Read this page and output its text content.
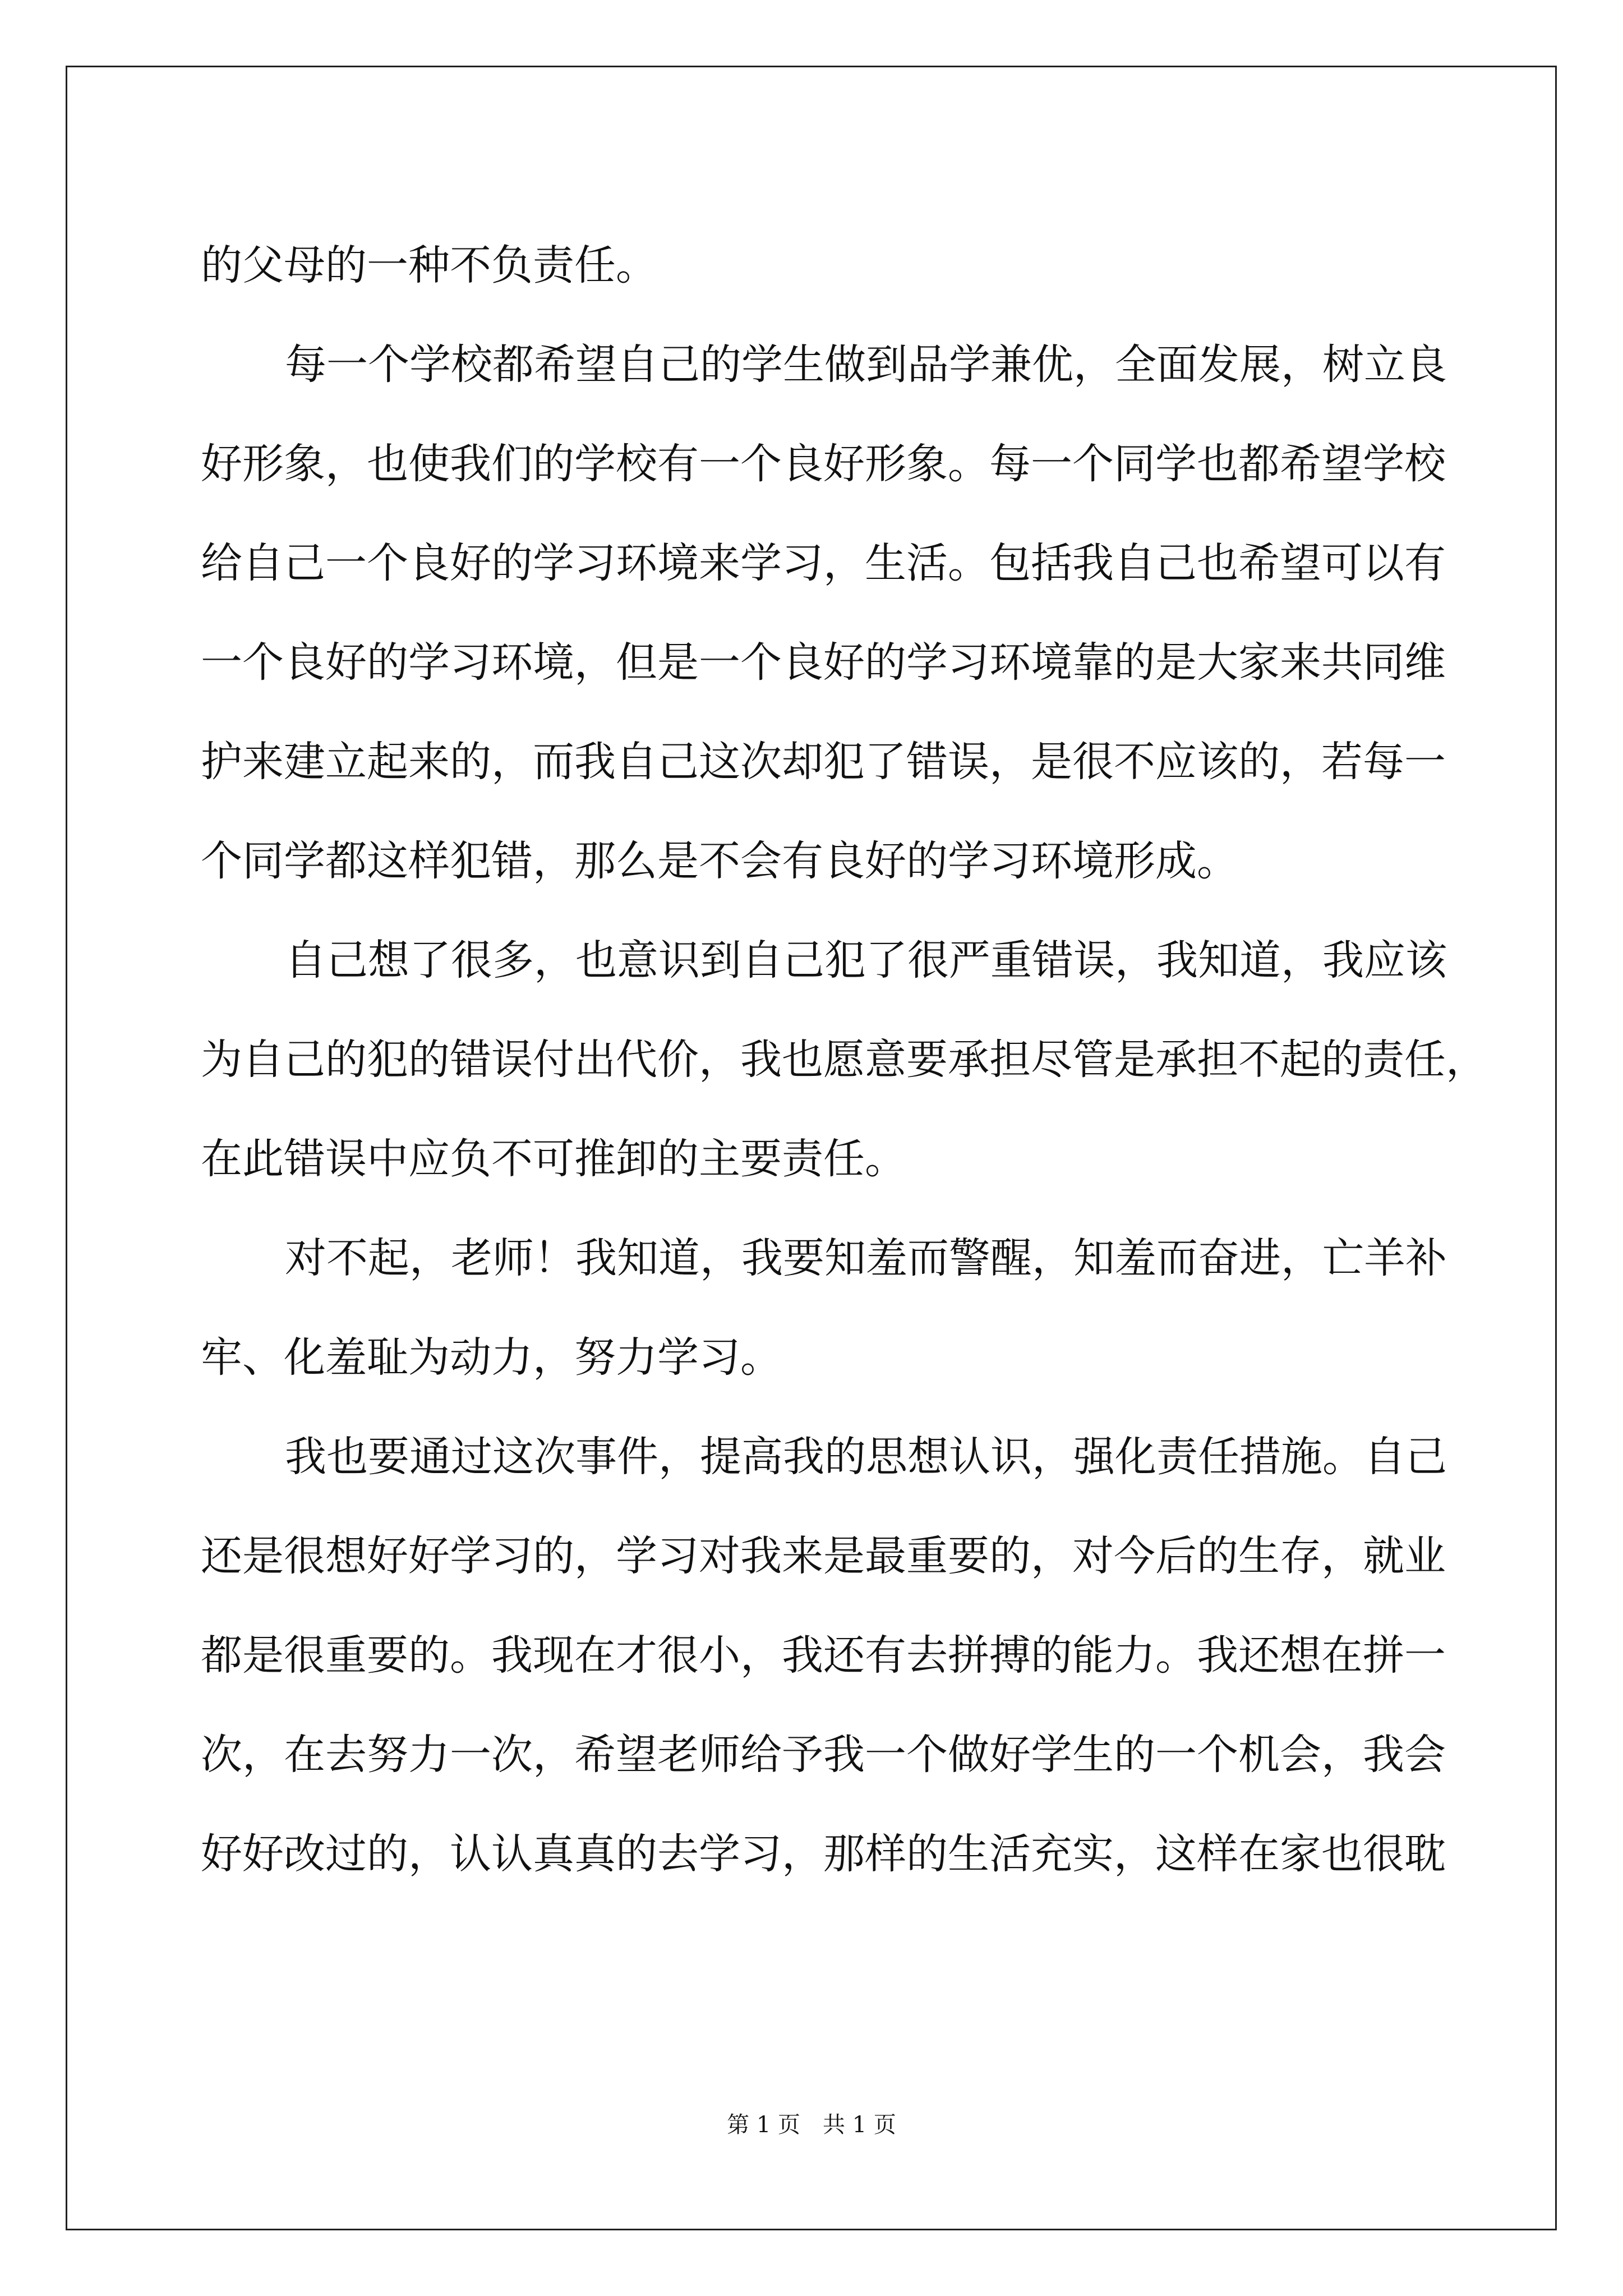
的父母的一种不负责任。
每一个学校都希望自己的学生做到品学兼优，全面发展，树立良
好形象，也使我们的学校有一个良好形象。每一个同学也都希望学校
给自己一个良好的学习环境来学习，生活。包括我自己也希望可以有
一个良好的学习环境，但是一个良好的学习环境靠的是大家来共同维
护来建立起来的，而我自己这次却犯了错误，是很不应该的，若每一
个同学都这样犯错，那么是不会有良好的学习环境形成。
自己想了很多，也意识到自己犯了很严重错误，我知道，我应该
为自己的犯的错误付出代价，我也愿意要承担尽管是承担不起的责任，
在此错误中应负不可推卸的主要责任。
对不起，老师！我知道，我要知羞而警醒，知羞而奋进，亡羊补
牢、化羞耻为动力，努力学习。
我也要通过这次事件，提高我的思想认识，强化责任措施。自己
还是很想好好学习的，学习对我来是最重要的，对今后的生存，就业
都是很重要的。我现在才很小，我还有去拼搏的能力。我还想在拼一
次，在去努力一次，希望老师给予我一个做好学生的一个机会，我会
好好改过的，认认真真的去学习，那样的生活充实，这样在家也很耽
第 1 页　共 1 页
